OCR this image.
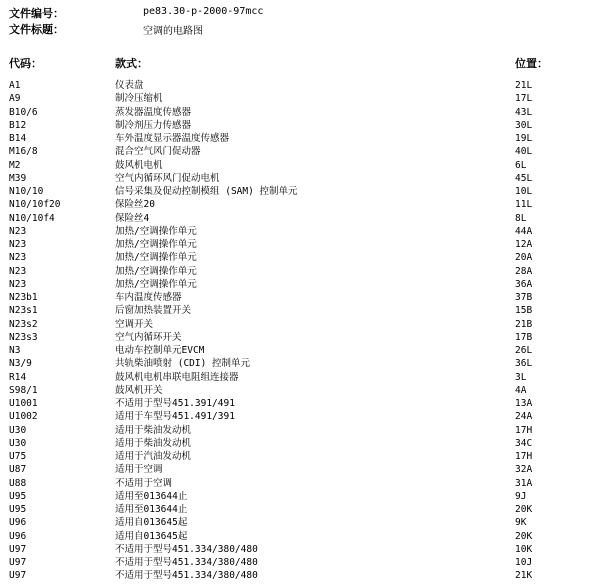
文件编号：	pe83.30-p-2000-97mcc
文件标题：	空调的电路图
代码：	款式：	位置：
A1	仪表盘	21L
A9	制冷压缩机	17L
B10/6	蒸发器温度传感器	43L
B12	制冷剂压力传感器	30L
B14	车外温度显示器温度传感器	19L
M16/8	混合空气风门促动器	40L
M2	鼓风机电机	6L
M39	空气内循环风门促动电机	45L
N10/10	信号采集及促动控制模组 (SAM) 控制单元	10L
N10/10f20	保险丝20	11L
N10/10f4	保险丝4	8L
N23	加热/空调操作单元	44A
N23	加热/空调操作单元	12A
N23	加热/空调操作单元	20A
N23	加热/空调操作单元	28A
N23	加热/空调操作单元	36A
N23b1	车内温度传感器	37B
N23s1	后窗加热装置开关	15B
N23s2	空调开关	21B
N23s3	空气内循环开关	17B
N3	电动车控制单元EVCM	26L
N3/9	共轨柴油喷射 (CDI) 控制单元	36L
R14	鼓风机电机串联电阻组连接器	3L
S98/1	鼓风机开关	4A
U1001	不适用于型号451.391/491	13A
U1002	适用于车型号451.491/391	24A
U30	适用于柴油发动机	17H
U30	适用于柴油发动机	34C
U75	适用于汽油发动机	17H
U87	适用于空调	32A
U88	不适用于空调	31A
U95	适用至013644止	9J
U95	适用至013644止	20K
U96	适用自013645起	9K
U96	适用自013645起	20K
U97	不适用于型号451.334/380/480	10K
U97	不适用于型号451.334/380/480	10J
U97	不适用于型号451.334/380/480	21K
